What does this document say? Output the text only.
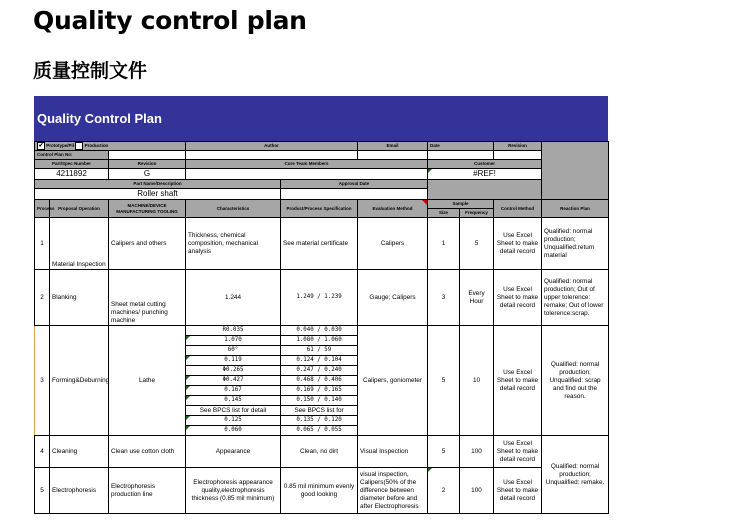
Quality control plan
质量控制文件
Quality Control Plan
✔ Prototype/Pil Production			Author		Email	Date		Revision	
Control Plan No:									
Part/Spec Number		Revision	Core Team Members			Customer			
4211892		G				#REF!			
Part Name/Description				Approval Date					
Roller shaft									
Process	Proposal Operation	MACHINE/DEVICE MANUFACTURING TOOLING	Characteristics	Product/Process Specification	Evaluation Method	Sample		Control Method	Reaction Plan
						Size	Frequency		
1	Material Inspection	Calipers and others	Thickness, chemical composition, mechanical analysis	See material certificate	Calipers	1	5	Use Excel Sheet to make detail record	Qualified: normal production; Unqualified:return material
2	Blanking	Sheet metal cutting machines/ punching machine	1.244	1.249 / 1.239	Gauge; Calipers	3	Every Hour	Use Excel Sheet to make detail record	Qualified: normal production; Out of upper tolerence: remake; Out of lower tolerence:scrap.
3	Forming&Deburning	Lathe	R0.035	0.040 / 0.030	Calipers, goniometer	5	10	Use Excel Sheet to make detail record	Qualified: normal production; Unqualified: scrap and find out the reason.
			1.070	1.080 / 1.060					
			60°	61 / 59					
			0.119	0.124 / 0.104					
			Φ0.265	0.247 / 0.240					
			Φ0.427	0.468 / 0.406					
			0.167	0.169 / 0.165					
			0.145	0.150 / 0.140					
			See BPCS list for detail	See BPCS list for					
			0.125	0.135 / 0.120					
			0.060	0.065 / 0.055					
4	Cleaning	Clean use cotton cloth	Appearance	Clean, no dirt	Visual Inspection	5	100	Use Excel Sheet to make detail record	Qualified: normal production; Unqualified: remake.
5	Electrophoresis	Electrophoresis production line	Electrophoresis appearance quality,electrophoresis thickness (0.85 mil minimum)	0.85 mil minimum evenly good looking	visual inspection, Calipers(50% of the difference between diameter before and after Electrophoresis	2	100	Use Excel Sheet to make detail record	
